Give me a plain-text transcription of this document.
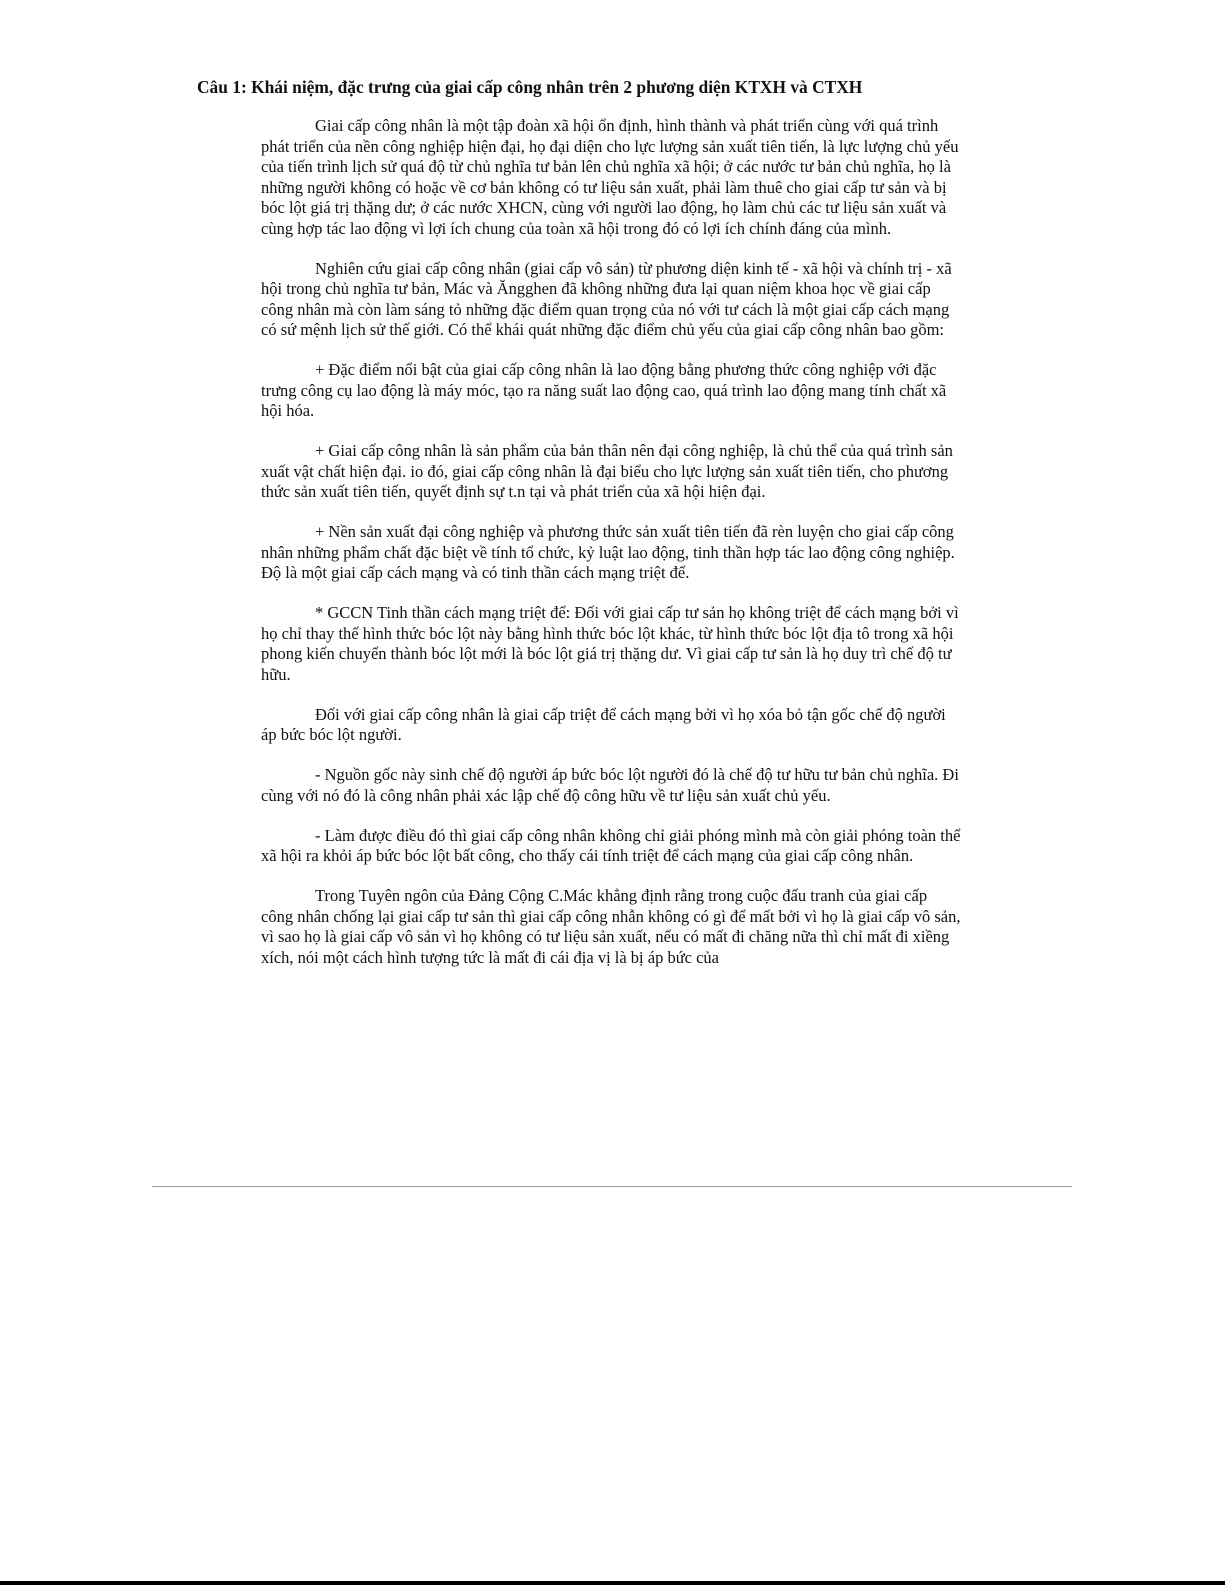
Câu 1: Khái niệm, đặc trưng của giai cấp công nhân trên 2 phương diện KTXH và CTXH

Giai cấp công nhân là một tập đoàn xã hội ổn định, hình thành và phát triển cùng với quá trình phát triển của nền công nghiệp hiện đại, họ đại diện cho lực lượng sản xuất tiên tiến, là lực lượng chủ yếu của tiến trình lịch sử quá độ từ chủ nghĩa tư bản lên chủ nghĩa xã hội; ở các nước tư bản chủ nghĩa, họ là những người không có hoặc về cơ bản không có tư liệu sản xuất, phải làm thuê cho giai cấp tư sản và bị bóc lột giá trị thặng dư; ở các nước XHCN, cùng với người lao động, họ làm chủ các tư liệu sản xuất và cùng hợp tác lao động vì lợi ích chung của toàn xã hội trong đó có lợi ích chính đáng của mình.

Nghiên cứu giai cấp công nhân (giai cấp vô sản) từ phương diện kinh tế - xã hội và chính trị - xã hội trong chủ nghĩa tư bản, Mác và Ăngghen đã không những đưa lại quan niệm khoa học về giai cấp công nhân mà còn làm sáng tỏ những đặc điểm quan trọng của nó với tư cách là một giai cấp cách mạng có sứ mệnh lịch sử thế giới. Có thể khái quát những đặc điểm chủ yếu của giai cấp công nhân bao gồm:

+ Đặc điểm nổi bật của giai cấp công nhân là lao động bằng phương thức công nghiệp với đặc trưng công cụ lao động là máy móc, tạo ra năng suất lao động cao, quá trình lao động mang tính chất xã hội hóa.

+ Giai cấp công nhân là sản phẩm của bản thân nên đại công nghiệp, là chủ thể của quá trình sản xuất vật chất hiện đại. io đó, giai cấp công nhân là đại biểu cho lực lượng sản xuất tiên tiến, cho phương thức sản xuất tiên tiến, quyết định sự t.n tại và phát triển của xã hội hiện đại.

+ Nền sản xuất đại công nghiệp và phương thức sản xuất tiên tiến đã rèn luyện cho giai cấp công nhân những phẩm chất đặc biệt về tính tổ chức, kỷ luật lao động, tinh thần hợp tác lao động công nghiệp. Độ là một giai cấp cách mạng và có tinh thần cách mạng triệt để.

* GCCN Tinh thần cách mạng triệt để: Đối với giai cấp tư sản họ không triệt để cách mạng bởi vì họ chỉ thay thế hình thức bóc lột này bằng hình thức bóc lột khác, từ hình thức bóc lột địa tô trong xã hội phong kiến chuyển thành bóc lột mới là bóc lột giá trị thặng dư. Vì giai cấp tư sản là họ duy trì chế độ tư hữu.

Đối với giai cấp công nhân là giai cấp triệt để cách mạng bởi vì họ xóa bỏ tận gốc chế độ người áp bức bóc lột người.

- Nguồn gốc này sinh chế độ người áp bức bóc lột người đó là chế độ tư hữu tư bản chủ nghĩa. Đi cùng với nó đó là công nhân phải xác lập chế độ công hữu về tư liệu sản xuất chủ yếu.

- Làm được điều đó thì giai cấp công nhân không chỉ giải phóng mình mà còn giải phóng toàn thể xã hội ra khỏi áp bức bóc lột bất công, cho thấy cái tính triệt để cách mạng của giai cấp công nhân.

Trong Tuyên ngôn của Đảng Cộng C.Mác khẳng định rằng trong cuộc đấu tranh của giai cấp công nhân chống lại giai cấp tư sản thì giai cấp công nhẫn không có gì để mất bởi vì họ là giai cấp vô sản, vì sao họ là giai cấp vô sản vì họ không có tư liệu sản xuất, nếu có mất đi chăng nữa thì chỉ mất đi xiềng xích, nói một cách hình tượng tức là mất đi cái địa vị là bị áp bức của
